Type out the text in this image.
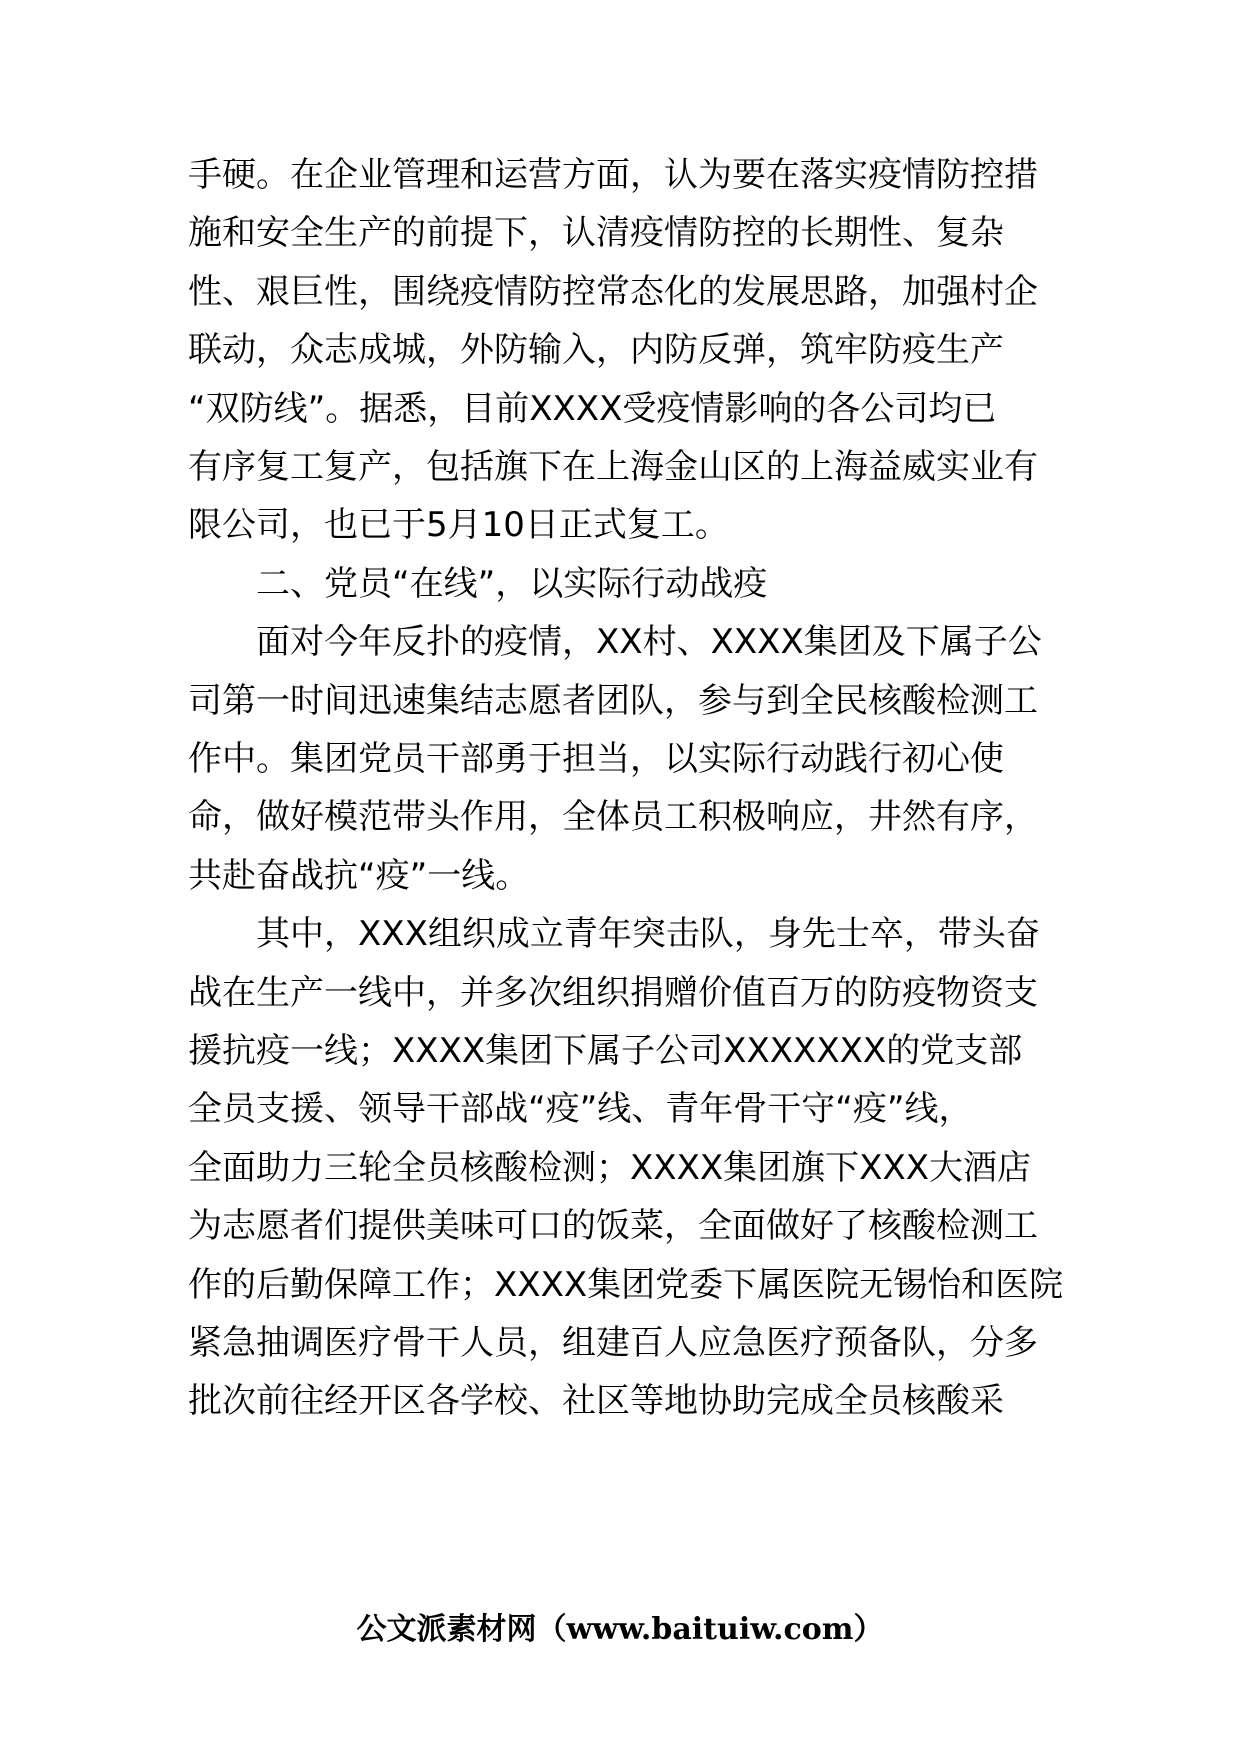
手硬。在企业管理和运营方面，认为要在落实疫情防控措
施和安全生产的前提下，认清疫情防控的长期性、复杂
性、艰巨性，围绕疫情防控常态化的发展思路，加强村企
联动，众志成城，外防输入，内防反弹，筑牢防疫生产
“双防线”。据悉，目前XXXX受疫情影响的各公司均已
有序复工复产，包括旗下在上海金山区的上海益威实业有
限公司，也已于5月10日正式复工。
二、党员“在线”，以实际行动战疫
面对今年反扑的疫情，XX村、XXXX集团及下属子公
司第一时间迅速集结志愿者团队，参与到全民核酸检测工
作中。集团党员干部勇于担当，以实际行动践行初心使
命，做好模范带头作用，全体员工积极响应，井然有序，
共赴奋战抗“疫”一线。
其中，XXX组织成立青年突击队，身先士卒，带头奋
战在生产一线中，并多次组织捐赠价值百万的防疫物资支
援抗疫一线；XXXX集团下属子公司XXXXXXX的党支部
全员支援、领导干部战“疫”线、青年骨干守“疫”线，
全面助力三轮全员核酸检测；XXXX集团旗下XXX大酒店
为志愿者们提供美味可口的饭菜，全面做好了核酸检测工
作的后勤保障工作；XXXX集团党委下属医院无锡怡和医院
紧急抽调医疗骨干人员，组建百人应急医疗预备队，分多
批次前往经开区各学校、社区等地协助完成全员核酸采
公文派素材网（www.baituiw.com）
